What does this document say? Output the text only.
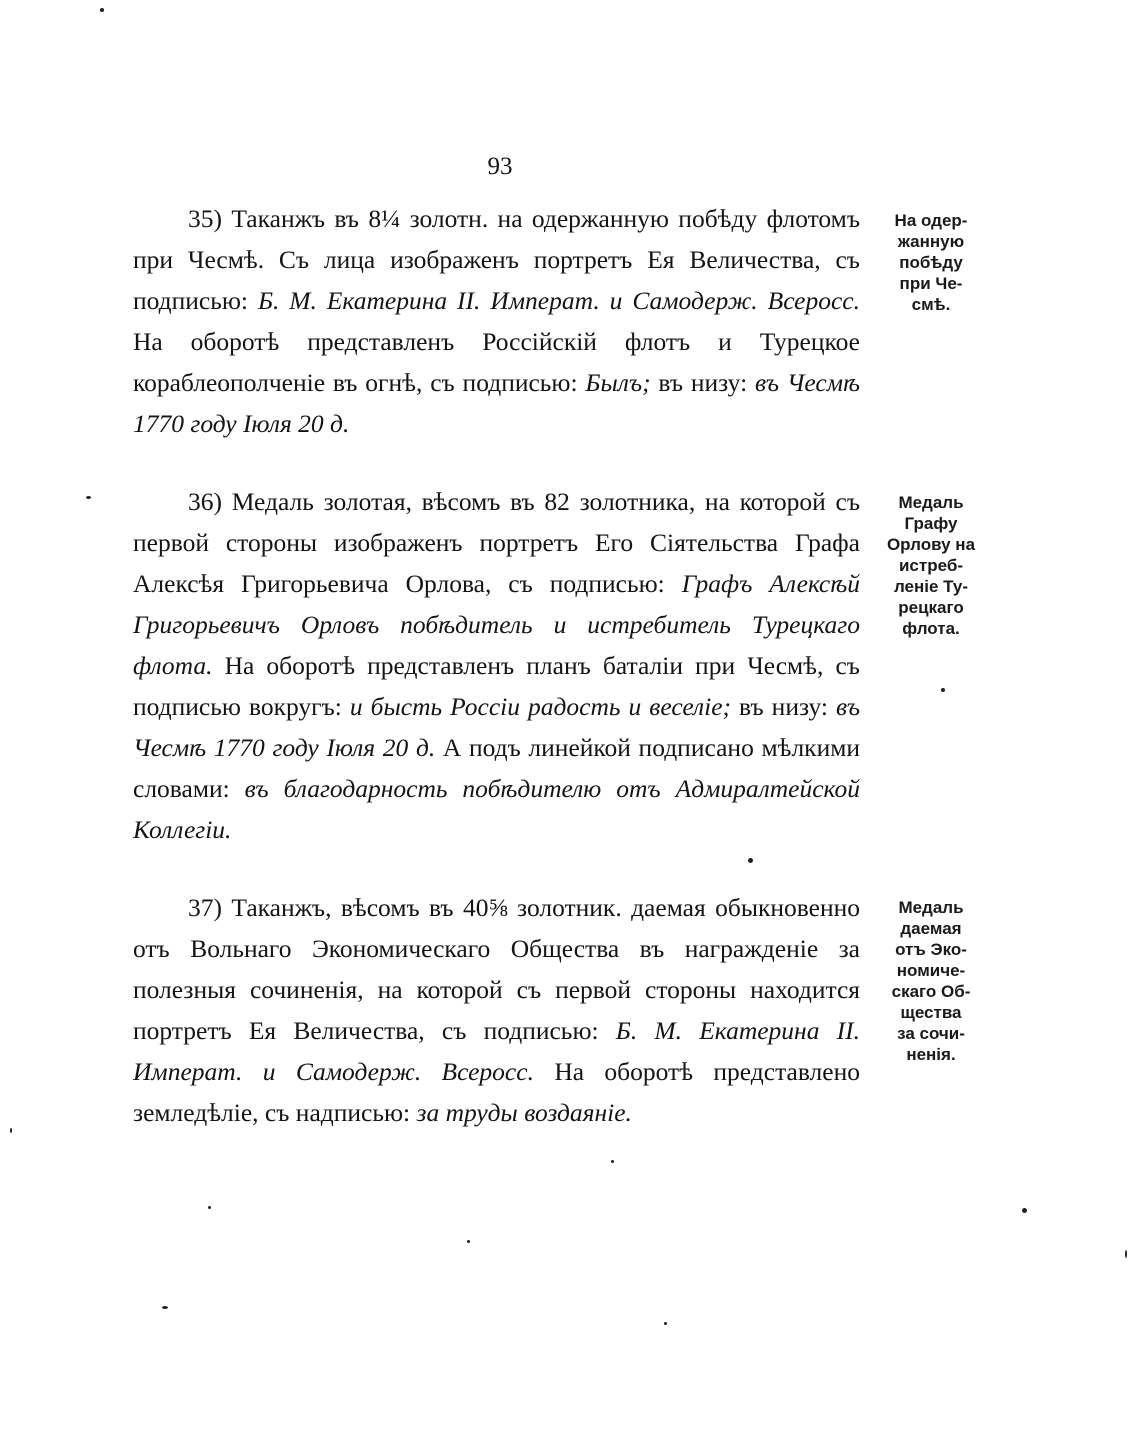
93

35) Таканжъ въ 8¼ золотн. на одержанную побѣду флотомъ при Чесмѣ. Съ лица изображенъ портретъ Ея Величества, съ подписью: Б. М. Екатерина II. Императ. и Самодерж. Всеросс. На оборотѣ представленъ Россійскій флотъ и Турецкое кораблеополченіе въ огнѣ, съ подписью: Былъ; въ низу: въ Чесмѣ 1770 году Іюля 20 д.

На одер-
жанную
побѣду
при Че-
смѣ.

36) Медаль золотая, вѣсомъ въ 82 золотника, на которой съ первой стороны изображенъ портретъ Его Сіятельства Графа Алексѣя Григорьевича Орлова, съ подписью: Графъ Алексѣй Григорьевичъ Орловъ побѣдитель и истребитель Турецкаго флота. На оборотѣ представленъ планъ баталіи при Чесмѣ, съ подписью вокругъ: и бысть Россіи радость и веселіе; въ низу: въ Чесмѣ 1770 году Іюля 20 д. А подъ линейкой подписано мѣлкими словами: въ благодарность побѣдителю отъ Адмиралтейской Коллегіи.

Медаль
Графу
Орлову на
истреб-
леніе Ту-
рецкаго
флота.

37) Таканжъ, вѣсомъ въ 40⅝ золотник. даемая обыкновенно отъ Вольнаго Экономическаго Общества въ награжденіе за полезныя сочиненія, на которой съ первой стороны находится портретъ Ея Величества, съ подписью: Б. М. Екатерина II. Императ. и Самодерж. Всеросс. На оборотѣ представлено земледѣліе, съ надписью: за труды воздаяніе.

Медаль
даемая
отъ Эко-
номиче-
скаго Об-
щества
за сочи-
ненія.
